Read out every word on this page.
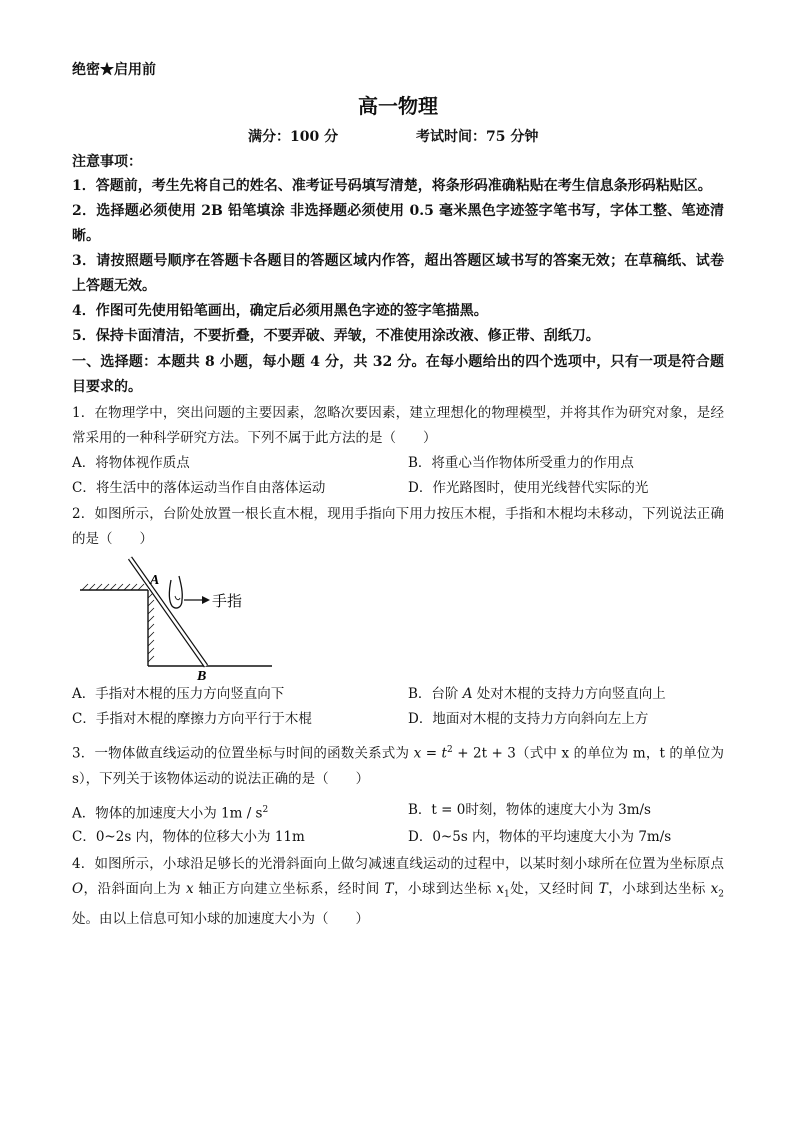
绝密★启用前
高一物理
满分：100 分	考试时间：75 分钟
注意事项：

1．答题前，考生先将自己的姓名、准考证号码填写清楚，将条形码准确粘贴在考生信息条形码粘贴区。

2．选择题必须使用 2B 铅笔填涂 非选择题必须使用 0.5 毫米黑色字迹签字笔书写，字体工整、笔迹清晰。

3．请按照题号顺序在答题卡各题目的答题区域内作答，超出答题区域书写的答案无效；在草稿纸、试卷上答题无效。

4．作图可先使用铅笔画出，确定后必须用黑色字迹的签字笔描黑。

5．保持卡面清洁，不要折叠，不要弄破、弄皱，不准使用涂改液、修正带、刮纸刀。

一、选择题：本题共 8 小题，每小题 4 分，共 32 分。在每小题给出的四个选项中，只有一项是符合题目要求的。
1．在物理学中，突出问题的主要因素，忽略次要因素，建立理想化的物理模型，并将其作为研究对象，是经常采用的一种科学研究方法。下列不属于此方法的是（　　）
A．将物体视作质点	B．将重心当作物体所受重力的作用点
C．将生活中的落体运动当作自由落体运动	D．作光路图时，使用光线替代实际的光
2．如图所示，台阶处放置一根长直木棍，现用手指向下用力按压木棍，手指和木棍均未移动，下列说法正确的是（　　）
手指
A
B
A．手指对木棍的压力方向竖直向下	B．台阶 A 处对木棍的支持力方向竖直向上
C．手指对木棍的摩擦力方向平行于木棍	D．地面对木棍的支持力方向斜向左上方
3．一物体做直线运动的位置坐标与时间的函数关系式为 $x = t^2 + 2t + 3$（式中 x 的单位为 m，t 的单位为 s），下列关于该物体运动的说法正确的是（　　）
A．物体的加速度大小为 $1m / s^2$	B．t = 0时刻，物体的速度大小为 3m/s
C．0~2s 内，物体的位移大小为 11m	D．0~5s 内，物体的平均速度大小为 7m/s
4．如图所示，小球沿足够长的光滑斜面向上做匀减速直线运动的过程中，以某时刻小球所在位置为坐标原点 O，沿斜面向上为 x 轴正方向建立坐标系，经时间 T，小球到达坐标 $x_1$处，又经时间 T，小球到达坐标 $x_2$处。由以上信息可知小球的加速度大小为（　　）
